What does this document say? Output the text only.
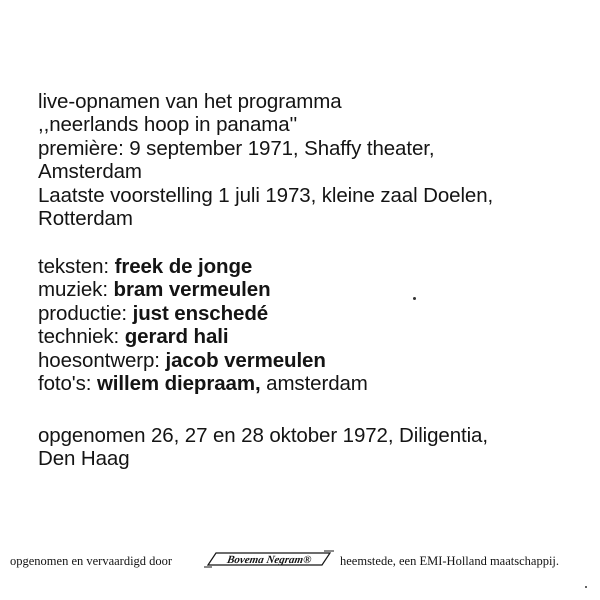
live-opnamen van het programma
,,neerlands hoop in panama''
première: 9 september 1971, Shaffy theater,
Amsterdam
Laatste voorstelling 1 juli 1973, kleine zaal Doelen,
Rotterdam
teksten: freek de jonge
muziek: bram vermeulen
productie: just enschedé
techniek: gerard hali
hoesontwerp: jacob vermeulen
foto's: willem diepraam, amsterdam
opgenomen 26, 27 en 28 oktober 1972, Diligentia,
Den Haag
opgenomen en vervaardigd door	Bovema Negram® heemstede, een EMI-Holland maatschappij.
